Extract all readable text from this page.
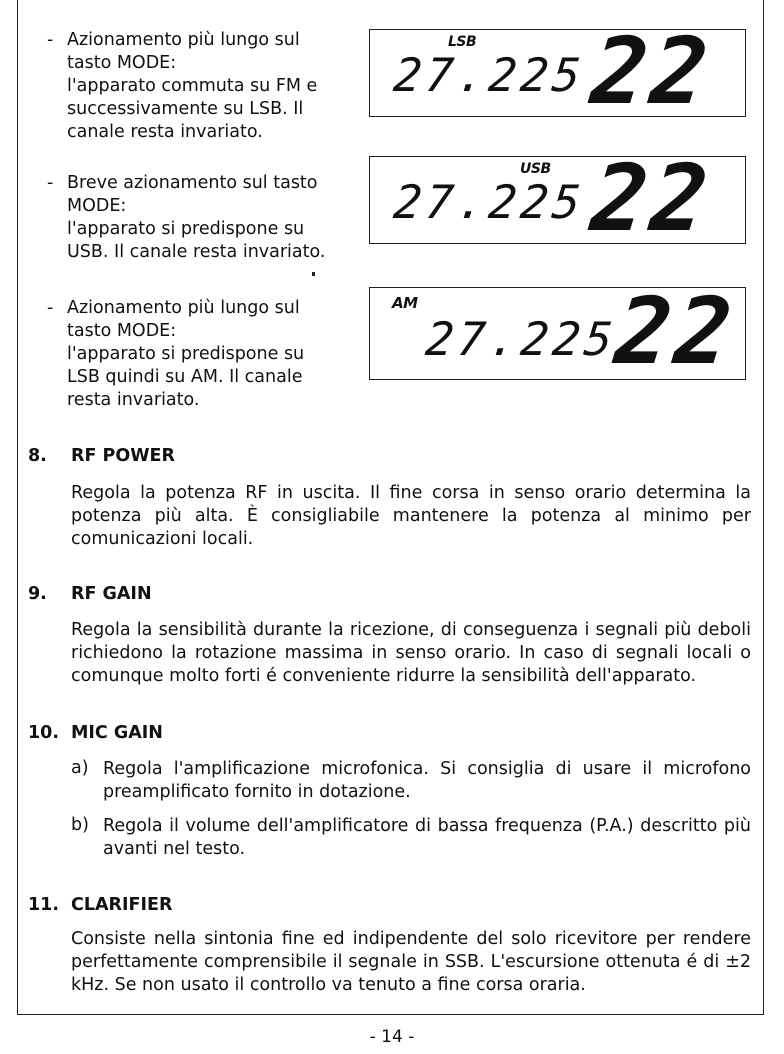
- Azionamento più lungo sul

tasto MODE:

l'apparato commuta su FM e

successivamente su LSB. Il

canale resta invariato.

LSB
27.225 22
- Breve azionamento sul tasto

MODE:

l'apparato si predispone su

USB. Il canale resta invariato.

USB
27.225 22
- Azionamento più lungo sul

tasto MODE:

l'apparato si predispone su

LSB quindi su AM. Il canale

resta invariato.

AM
27.225
22
8. RF POWER
Regola la potenza RF in uscita. Il fine corsa in senso orario determina la potenza più alta. È consigliabile mantenere la potenza al minimo per comunicazioni locali.
9. RF GAIN
Regola la sensibilità durante la ricezione, di conseguenza i segnali più deboli richiedono la rotazione massima in senso orario. In caso di segnali locali o comunque molto forti é conveniente ridurre la sensibilità dell'apparato.
10. MIC GAIN
a) Regola l'amplificazione microfonica. Si consiglia di usare il microfono preamplificato fornito in dotazione.
b) Regola il volume dell'amplificatore di bassa frequenza (P.A.) descritto più avanti nel testo.
11. CLARIFIER
Consiste nella sintonia fine ed indipendente del solo ricevitore per rendere perfettamente comprensibile il segnale in SSB. L'escursione ottenuta é di ±2 kHz. Se non usato il controllo va tenuto a fine corsa oraria.
- 14 -
